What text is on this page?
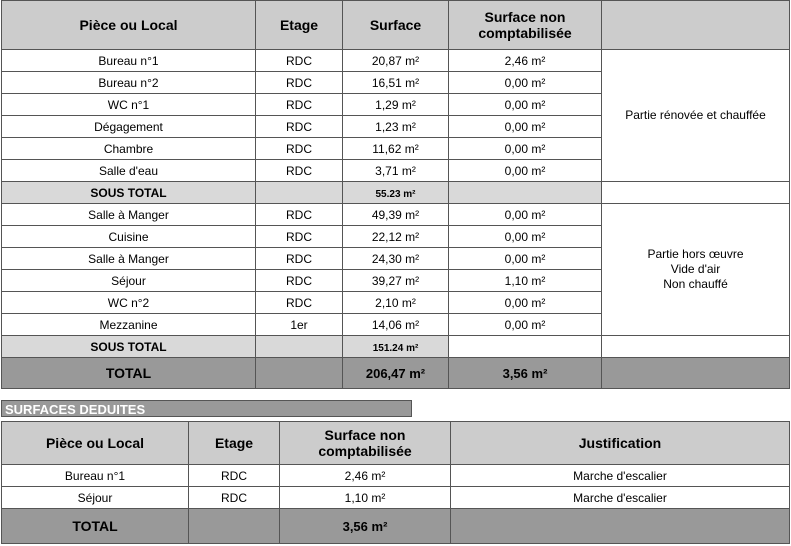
Pièce ou Local	Etage	Surface	Surface non comptabilisée	
Bureau n°1	RDC	20,87 m²	2,46 m²	Partie rénovée et chauffée
Bureau n°2	RDC	16,51 m²	0,00 m²	
WC n°1	RDC	1,29 m²	0,00 m²	
Dégagement	RDC	1,23 m²	0,00 m²	
Chambre	RDC	11,62 m²	0,00 m²	
Salle d'eau	RDC	3,71 m²	0,00 m²	
SOUS TOTAL		55.23 m²		
Salle à Manger	RDC	49,39 m²	0,00 m²	Partie hors œuvre
Vide d'air
Non chauffé

Cuisine	RDC	22,12 m²	0,00 m²	
Salle à Manger	RDC	24,30 m²	0,00 m²	
Séjour	RDC	39,27 m²	1,10 m²	
WC n°2	RDC	2,10 m²	0,00 m²	
Mezzanine	1er	14,06 m²	0,00 m²	
SOUS TOTAL		151.24 m²		
TOTAL		206,47 m²	3,56 m²	
SURFACES DEDUITES
Pièce ou Local	Etage	Surface non comptabilisée	Justification
Bureau n°1	RDC	2,46 m²	Marche d'escalier
Séjour	RDC	1,10 m²	Marche d'escalier
TOTAL		3,56 m²	
